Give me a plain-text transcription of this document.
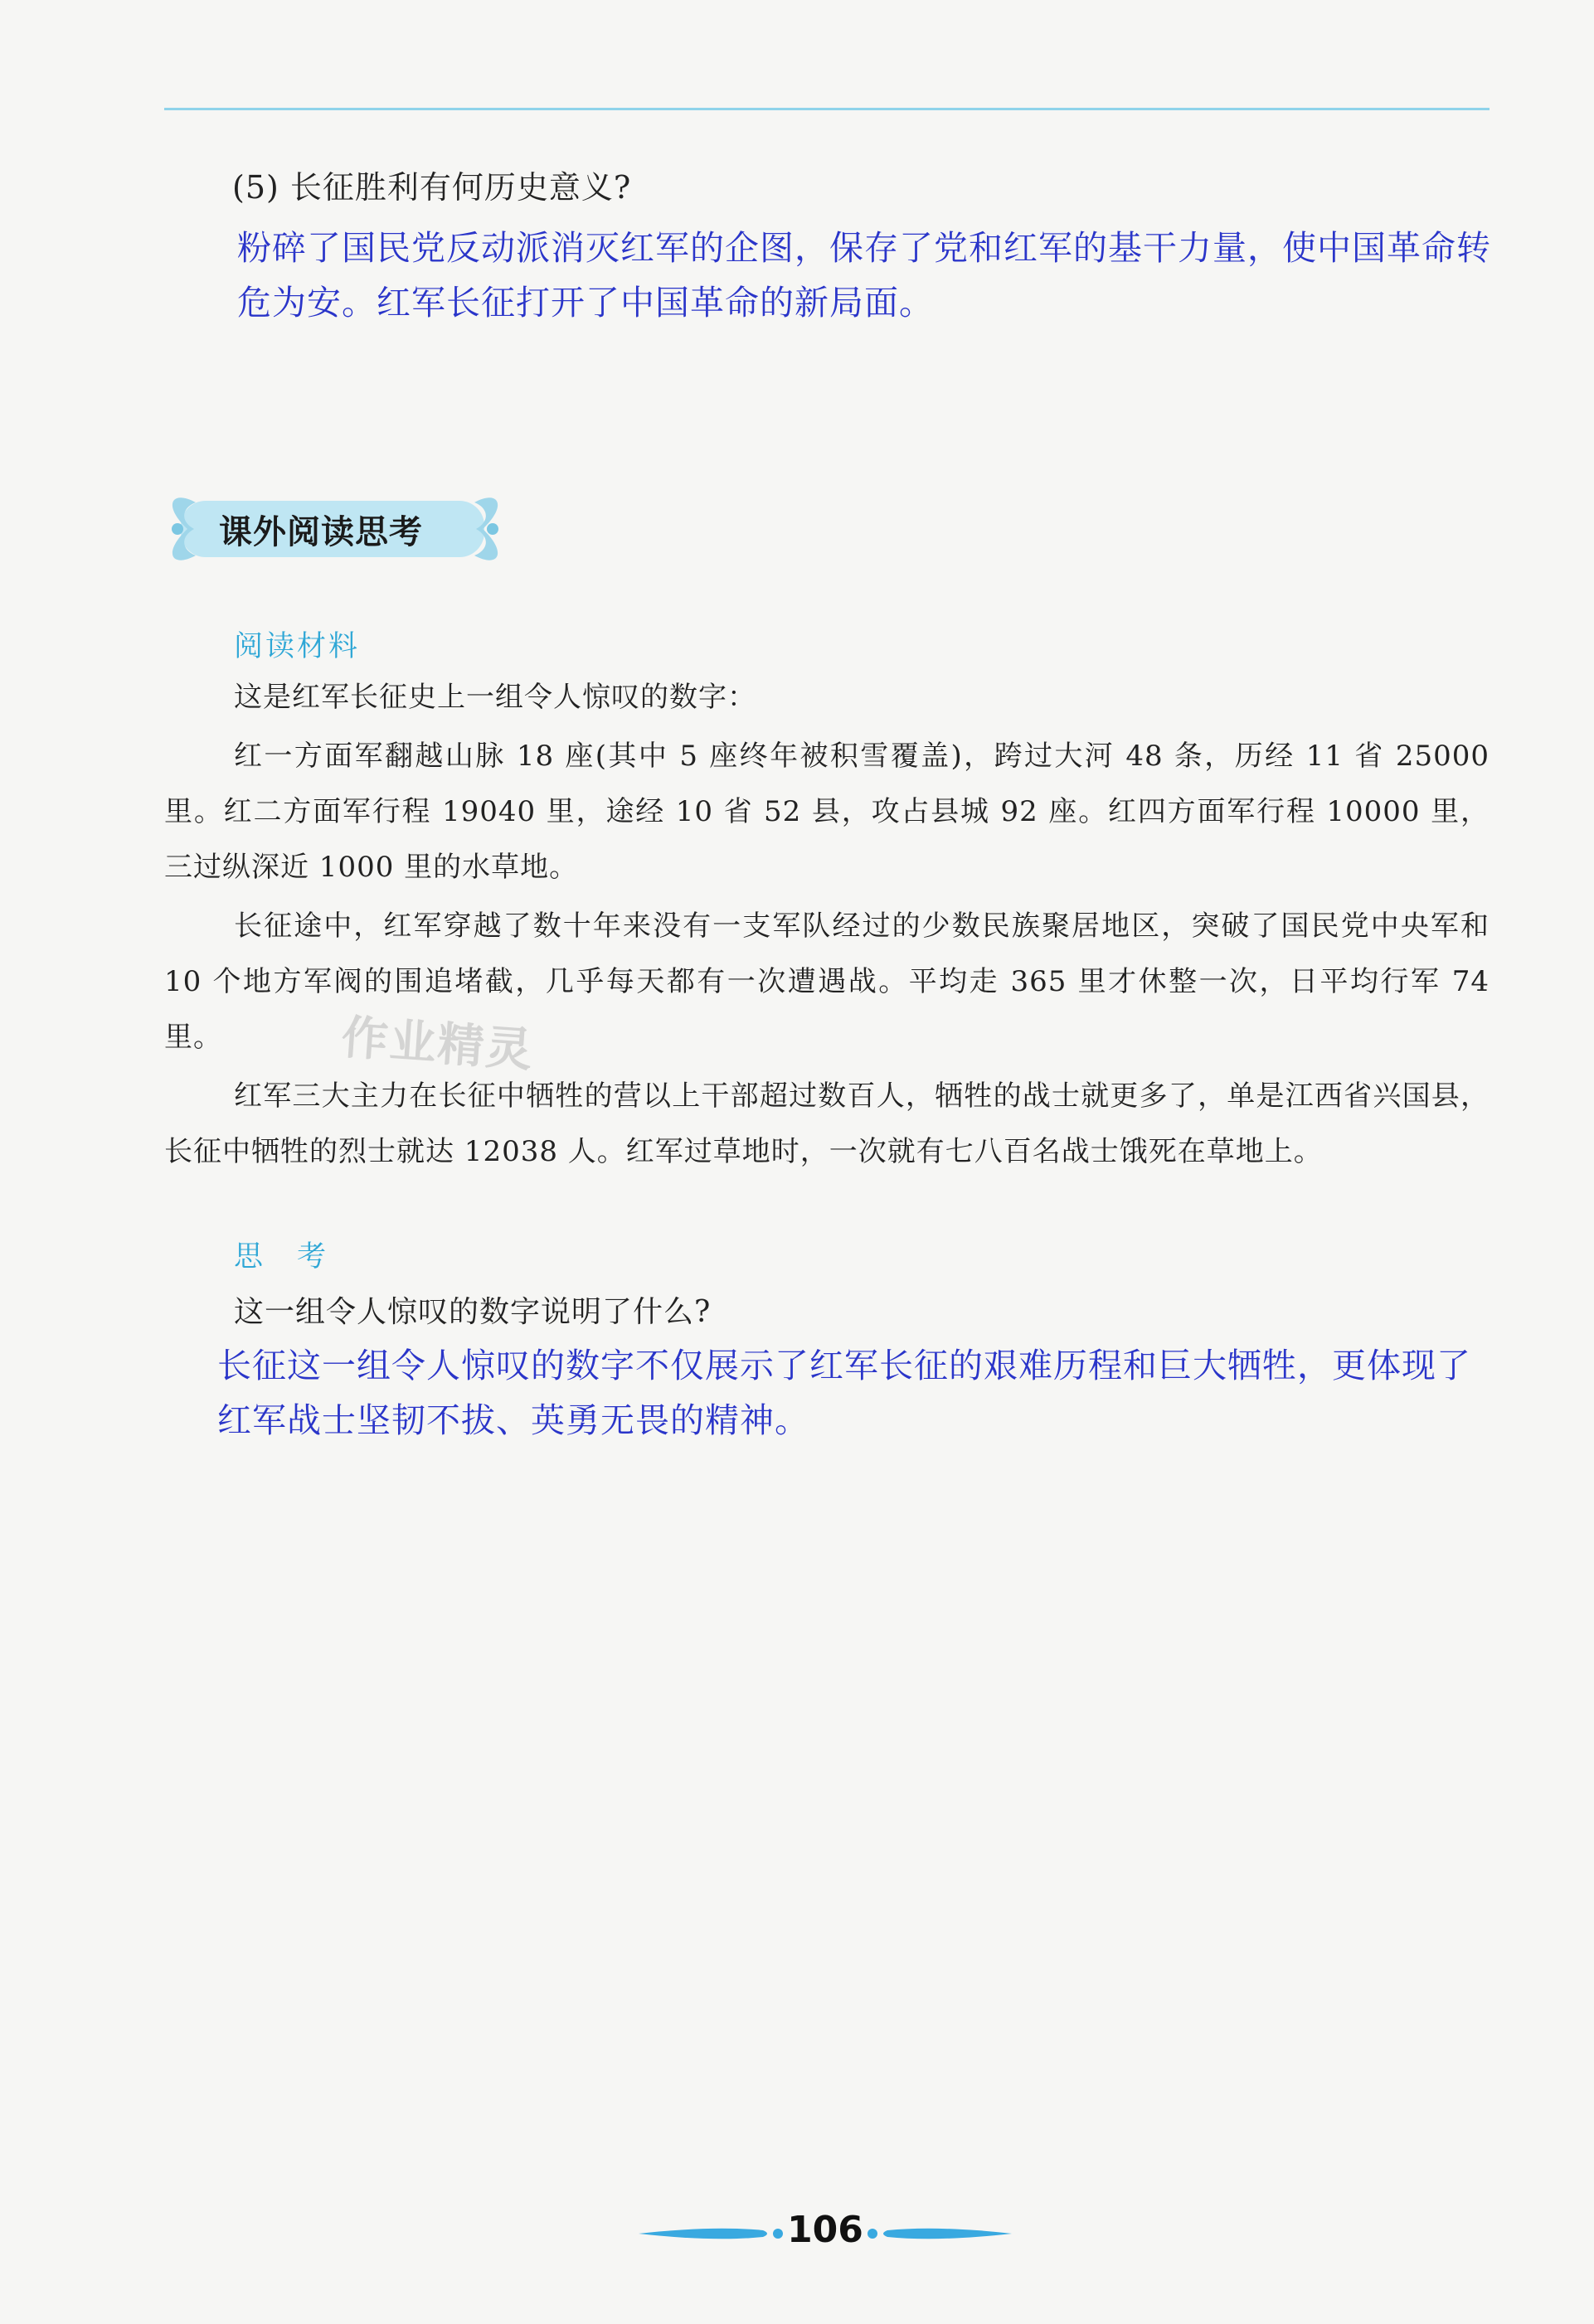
(5) 长征胜利有何历史意义?
粉碎了国民党反动派消灭红军的企图，保存了党和红军的基干力量，使中国革命转危为安。红军长征打开了中国革命的新局面。
课外阅读思考
阅读材料

这是红军长征史上一组令人惊叹的数字：

红一方面军翻越山脉 18 座(其中 5 座终年被积雪覆盖)，跨过大河 48 条，历经 11 省 25000 里。红二方面军行程 19040 里，途经 10 省 52 县，攻占县城 92 座。红四方面军行程 10000 里，三过纵深近 1000 里的水草地。

长征途中，红军穿越了数十年来没有一支军队经过的少数民族聚居地区，突破了国民党中央军和 10 个地方军阀的围追堵截，几乎每天都有一次遭遇战。平均走 365 里才休整一次，日平均行军 74 里。

红军三大主力在长征中牺牲的营以上干部超过数百人，牺牲的战士就更多了，单是江西省兴国县，长征中牺牲的烈士就达 12038 人。红军过草地时，一次就有七八百名战士饿死在草地上。

作业精灵
思　考
这一组令人惊叹的数字说明了什么?
长征这一组令人惊叹的数字不仅展示了红军长征的艰难历程和巨大牺牲，更体现了红军战士坚韧不拔、英勇无畏的精神。
106
